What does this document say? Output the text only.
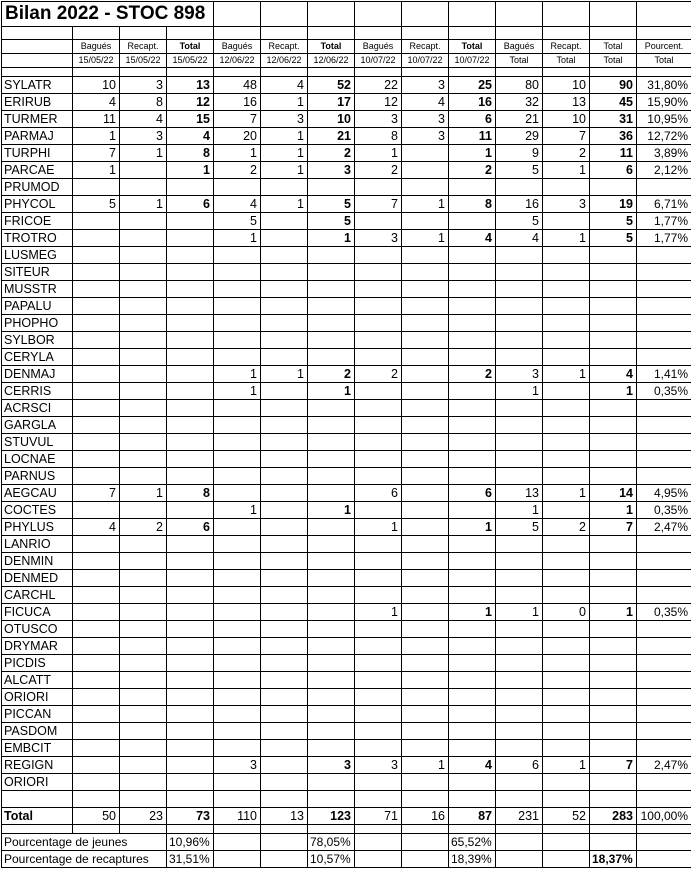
Bilan 2022 - STOC 898													

	Bagués	Recapt.	Total	Bagués	Recapt.	Total	Bagués	Recapt.	Total	Bagués	Recapt.	Total	Pourcent.
	15/05/22	15/05/22	15/05/22	12/06/22	12/06/22	12/06/22	10/07/22	10/07/22	10/07/22	Total	Total	Total	Total

SYLATR	10	3	13	48	4	52	22	3	25	80	10	90	31,80%
ERIRUB	4	8	12	16	1	17	12	4	16	32	13	45	15,90%
TURMER	11	4	15	7	3	10	3	3	6	21	10	31	10,95%
PARMAJ	1	3	4	20	1	21	8	3	11	29	7	36	12,72%
TURPHI	7	1	8	1	1	2	1		1	9	2	11	3,89%
PARCAE	1		1	2	1	3	2		2	5	1	6	2,12%
PRUMOD													
PHYCOL	5	1	6	4	1	5	7	1	8	16	3	19	6,71%
FRICOE				5		5				5		5	1,77%
TROTRO				1		1	3	1	4	4	1	5	1,77%
LUSMEG													
SITEUR													
MUSSTR													
PAPALU													
PHOPHO													
SYLBOR													
CERYLA													
DENMAJ				1	1	2	2		2	3	1	4	1,41%
CERRIS				1		1				1		1	0,35%
ACRSCI													
GARGLA													
STUVUL													
LOCNAE													
PARNUS													
AEGCAU	7	1	8				6		6	13	1	14	4,95%
COCTES				1		1				1		1	0,35%
PHYLUS	4	2	6				1		1	5	2	7	2,47%
LANRIO													
DENMIN													
DENMED													
CARCHL													
FICUCA							1		1	1	0	1	0,35%
OTUSCO													
DRYMAR													
PICDIS													
ALCATT													
ORIORI													
PICCAN													
PASDOM													
EMBCIT													
REGIGN				3		3	3	1	4	6	1	7	2,47%
ORIORI													

Total	50	23	73	110	13	123	71	16	87	231	52	283	100,00%

Pourcentage de jeunes			10,96%			78,05%			65,52%				
Pourcentage de recaptures			31,51%			10,57%			18,39%			18,37%	
